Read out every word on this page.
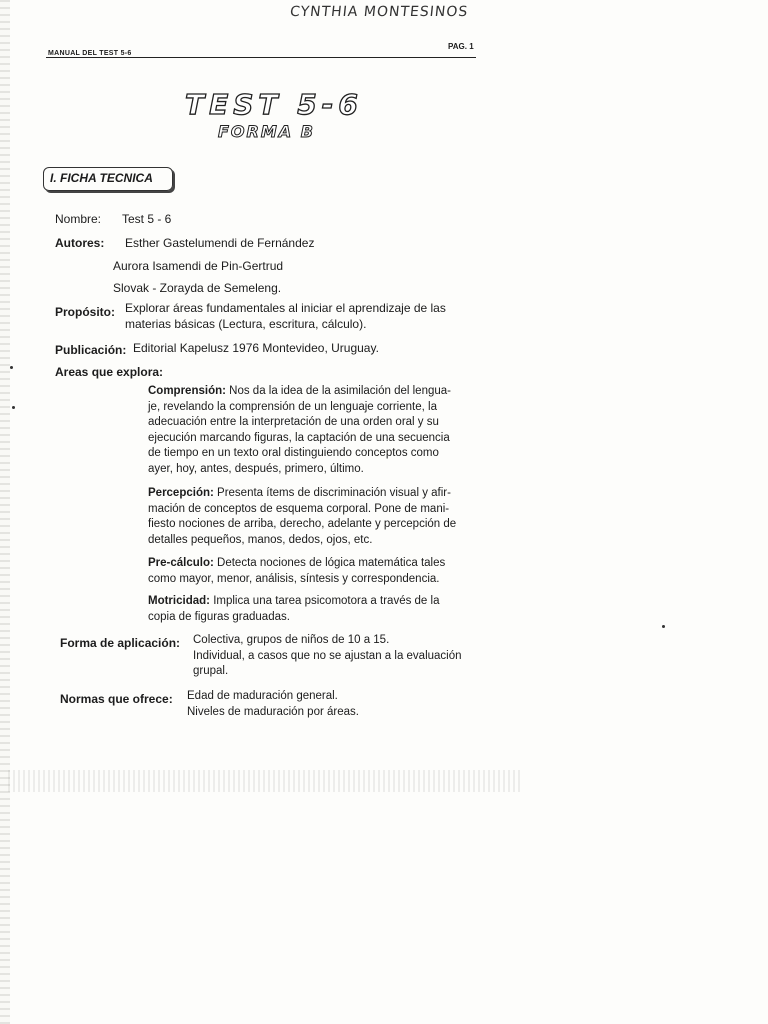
CYNTHIA MONTESINOS
MANUAL DEL TEST 5-6
PAG. 1
TEST 5-6
FORMA B
I. FICHA TECNICA
Nombre: Test 5 - 6
Autores: Esther Gastelumendi de Fernández
Aurora Isamendi de Pin-Gertrud
Slovak - Zorayda de Semeleng.
Propósito: Explorar áreas fundamentales al iniciar el aprendizaje de las
materias básicas (Lectura, escritura, cálculo).
Publicación: Editorial Kapelusz 1976 Montevideo, Uruguay.
Areas que explora:
Comprensión: Nos da la idea de la asimilación del lengua-
je, revelando la comprensión de un lenguaje corriente, la
adecuación entre la interpretación de una orden oral y su
ejecución marcando figuras, la captación de una secuencia
de tiempo en un texto oral distinguiendo conceptos como
ayer, hoy, antes, después, primero, último.
Percepción: Presenta ítems de discriminación visual y afir-
mación de conceptos de esquema corporal. Pone de mani-
fiesto nociones de arriba, derecho, adelante y percepción de
detalles pequeños, manos, dedos, ojos, etc.
Pre-cálculo: Detecta nociones de lógica matemática tales
como mayor, menor, análisis, síntesis y correspondencia.
Motricidad: Implica una tarea psicomotora a través de la
copia de figuras graduadas.
Forma de aplicación: Colectiva, grupos de niños de 10 a 15.
Individual, a casos que no se ajustan a la evaluación
grupal.
Normas que ofrece: Edad de maduración general.
Niveles de maduración por áreas.
